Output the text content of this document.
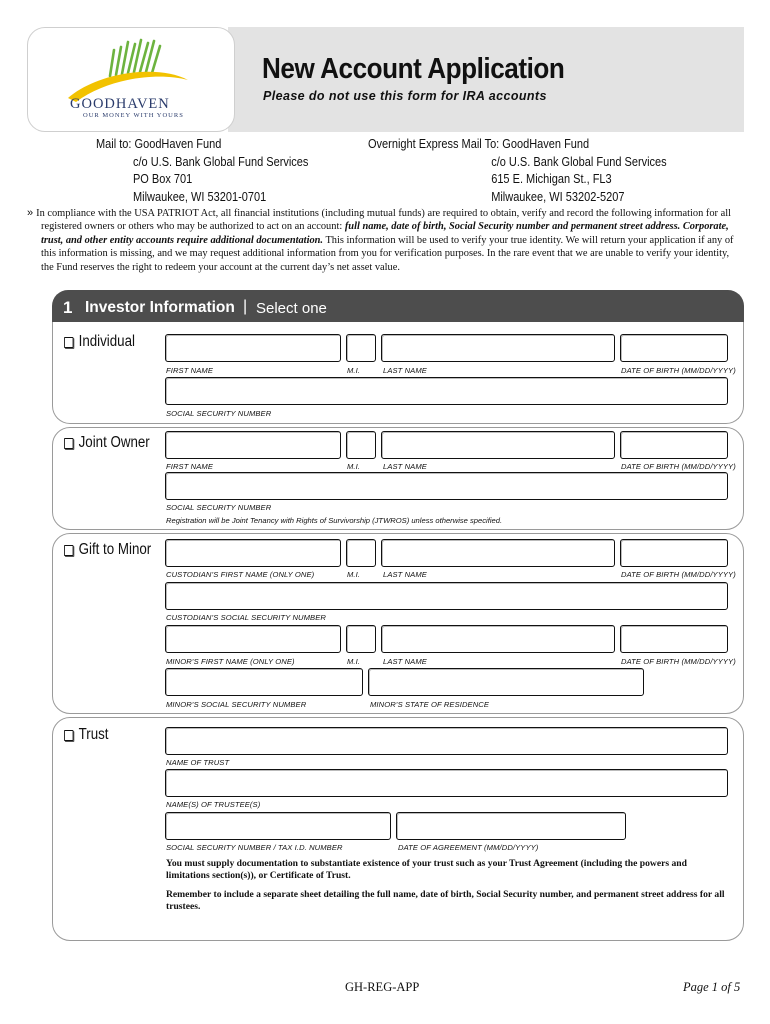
GOODHAVEN
OUR MONEY WITH YOURS
New Account Application
Please do not use this form for IRA accounts
Mail to: GoodHaven Fund
c/o U.S. Bank Global Fund Services
PO Box 701
Milwaukee, WI 53201-0701
Overnight Express Mail To: GoodHaven Fund
c/o U.S. Bank Global Fund Services
615 E. Michigan St., FL3
Milwaukee, WI 53202-5207

» In compliance with the USA PATRIOT Act, all financial institutions (including mutual funds) are required to obtain, verify and record the following information for all registered owners or others who may be authorized to act on an account: full name, date of birth, Social Security number and permanent street address. Corporate, trust, and other entity accounts require additional documentation. This information will be used to verify your true identity. We will return your application if any of this information is missing, and we may request additional information from you for verification purposes. In the rare event that we are unable to verify your identity, the Fund reserves the right to redeem your account at the current day’s net asset value.

1 Investor Information | Select one
Individual
FIRST NAME	M.I.	LAST NAME	DATE OF BIRTH (MM/DD/YYYY)
SOCIAL SECURITY NUMBER
Joint Owner
FIRST NAME	M.I.	LAST NAME	DATE OF BIRTH (MM/DD/YYYY)
SOCIAL SECURITY NUMBER
Registration will be Joint Tenancy with Rights of Survivorship (JTWROS) unless otherwise specified.
Gift to Minor
CUSTODIAN’S FIRST NAME (ONLY ONE)	M.I.	LAST NAME	DATE OF BIRTH (MM/DD/YYYY)
CUSTODIAN’S SOCIAL SECURITY NUMBER
MINOR’S FIRST NAME (ONLY ONE)	M.I.	LAST NAME	DATE OF BIRTH (MM/DD/YYYY)
MINOR’S SOCIAL SECURITY NUMBER	MINOR’S STATE OF RESIDENCE
Trust
NAME OF TRUST
NAME(S) OF TRUSTEE(S)
SOCIAL SECURITY NUMBER / TAX I.D. NUMBER	DATE OF AGREEMENT (MM/DD/YYYY)
You must supply documentation to substantiate existence of your trust such as your Trust Agreement (including the powers and limitations section(s)), or Certificate of Trust.
Remember to include a separate sheet detailing the full name, date of birth, Social Security number, and permanent street address for all trustees.
GH-REG-APP	Page 1 of 5
